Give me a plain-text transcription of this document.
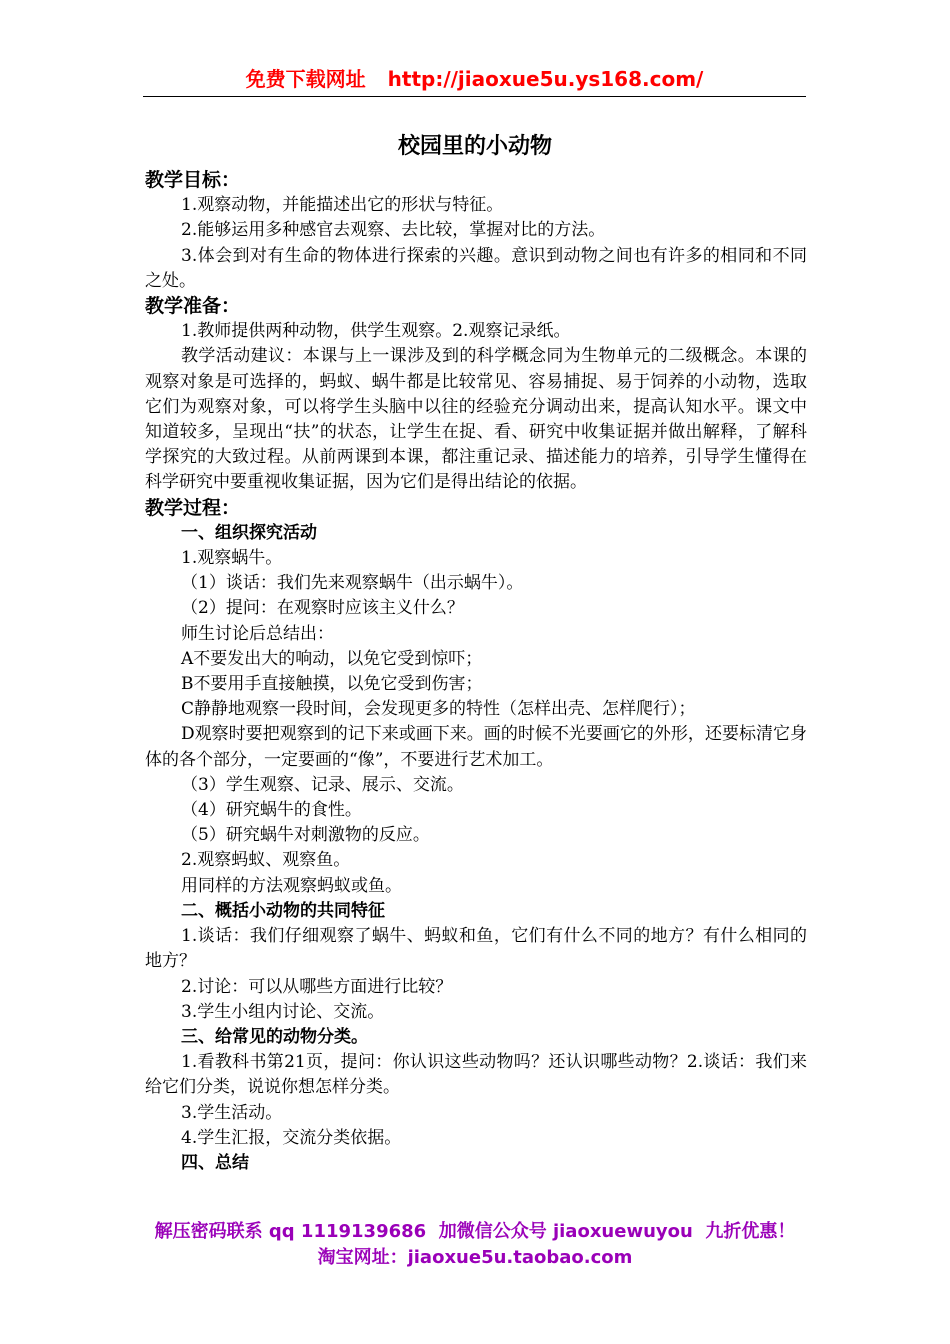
免费下载网址 http://jiaoxue5u.ys168.com/
校园里的小动物

教学目标：

1.观察动物，并能描述出它的形状与特征。

2.能够运用多种感官去观察、去比较，掌握对比的方法。

3.体会到对有生命的物体进行探索的兴趣。意识到动物之间也有许多的相同和不同之处。

教学准备：

1.教师提供两种动物，供学生观察。2.观察记录纸。

教学活动建议：本课与上一课涉及到的科学概念同为生物单元的二级概念。本课的观察对象是可选择的，蚂蚁、蜗牛都是比较常见、容易捕捉、易于饲养的小动物，选取它们为观察对象，可以将学生头脑中以往的经验充分调动出来，提高认知水平。课文中知道较多，呈现出“扶”的状态，让学生在捉、看、研究中收集证据并做出解释，了解科学探究的大致过程。从前两课到本课，都注重记录、描述能力的培养，引导学生懂得在科学研究中要重视收集证据，因为它们是得出结论的依据。

教学过程：

一、组织探究活动

1.观察蜗牛。

（1）谈话：我们先来观察蜗牛（出示蜗牛）。

（2）提问：在观察时应该主义什么？

师生讨论后总结出：

A不要发出大的响动，以免它受到惊吓；

B不要用手直接触摸，以免它受到伤害；

C静静地观察一段时间，会发现更多的特性（怎样出壳、怎样爬行）；

D观察时要把观察到的记下来或画下来。画的时候不光要画它的外形，还要标清它身体的各个部分，一定要画的“像”，不要进行艺术加工。

（3）学生观察、记录、展示、交流。

（4）研究蜗牛的食性。

（5）研究蜗牛对刺激物的反应。

2.观察蚂蚁、观察鱼。

用同样的方法观察蚂蚁或鱼。

二、概括小动物的共同特征

1.谈话：我们仔细观察了蜗牛、蚂蚁和鱼，它们有什么不同的地方？有什么相同的地方？

2.讨论：可以从哪些方面进行比较？

3.学生小组内讨论、交流。

三、给常见的动物分类。

1.看教科书第21页，提问：你认识这些动物吗？还认识哪些动物？2.谈话：我们来给它们分类，说说你想怎样分类。

3.学生活动。

4.学生汇报，交流分类依据。

四、总结

解压密码联系 qq 1119139686  加微信公众号 jiaoxuewuyou  九折优惠！
淘宝网址：jiaoxue5u.taobao.com
